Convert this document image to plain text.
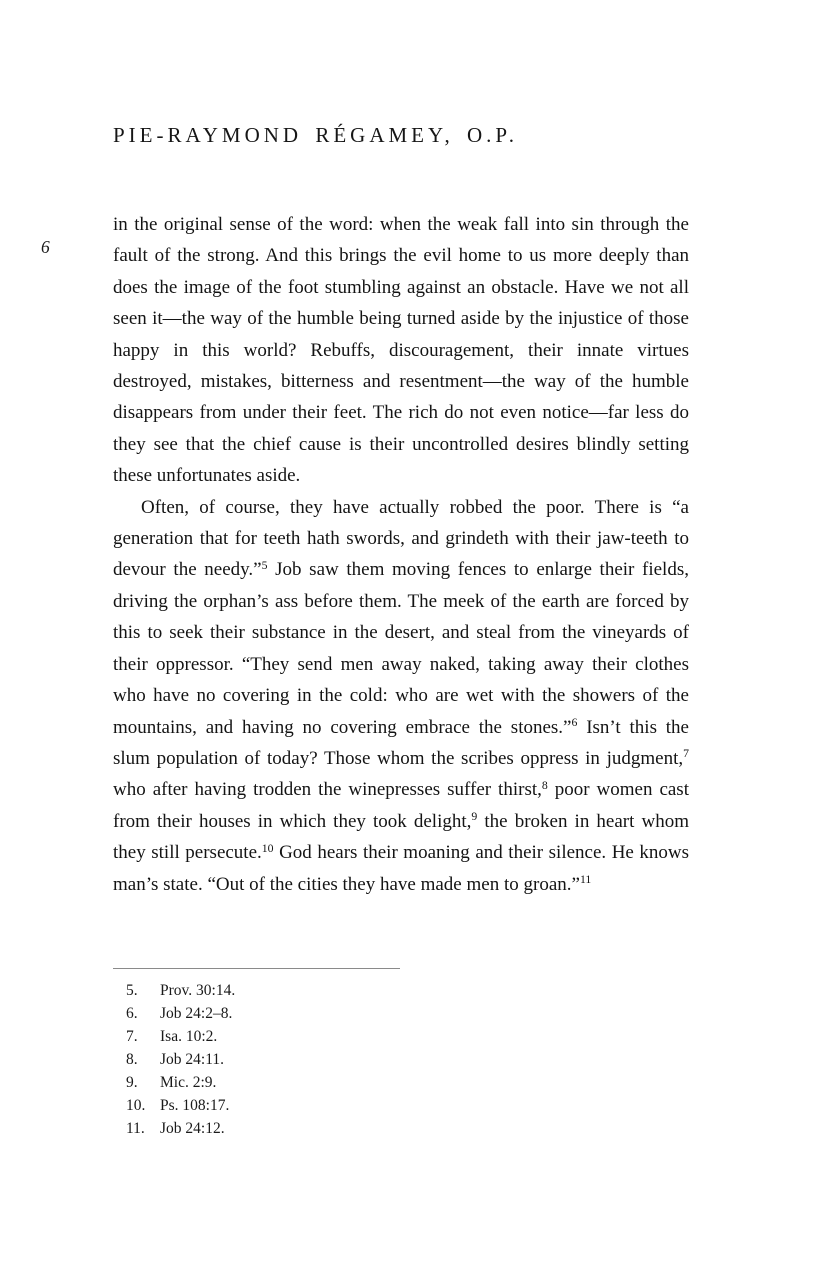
PIE-RAYMOND RÉGAMEY, O.P.
6

in the original sense of the word: when the weak fall into sin through the fault of the strong. And this brings the evil home to us more deeply than does the image of the foot stumbling against an obstacle. Have we not all seen it—the way of the humble being turned aside by the injustice of those happy in this world? Rebuffs, discouragement, their innate virtues destroyed, mistakes, bitterness and resentment—the way of the humble disappears from under their feet. The rich do not even notice—far less do they see that the chief cause is their uncontrolled desires blindly setting these unfortunates aside.

Often, of course, they have actually robbed the poor. There is “a generation that for teeth hath swords, and grindeth with their jaw-teeth to devour the needy.”$^5$ Job saw them moving fences to enlarge their fields, driving the orphan’s ass before them. The meek of the earth are forced by this to seek their substance in the desert, and steal from the vineyards of their oppressor. “They send men away naked, taking away their clothes who have no covering in the cold: who are wet with the showers of the mountains, and having no covering embrace the stones.”$^6$ Isn’t this the slum population of today? Those whom the scribes oppress in judgment,$^7$ who after having trodden the winepresses suffer thirst,$^8$ poor women cast from their houses in which they took delight,$^9$ the broken in heart whom they still persecute.$^{10}$ God hears their moaning and their silence. He knows man’s state. “Out of the cities they have made men to groan.”$^{11}$

5.	Prov. 30:14.
6.	Job 24:2–8.
7.	Isa. 10:2.
8.	Job 24:11.
9.	Mic. 2:9.
10. Ps. 108:17.
11. Job 24:12.
